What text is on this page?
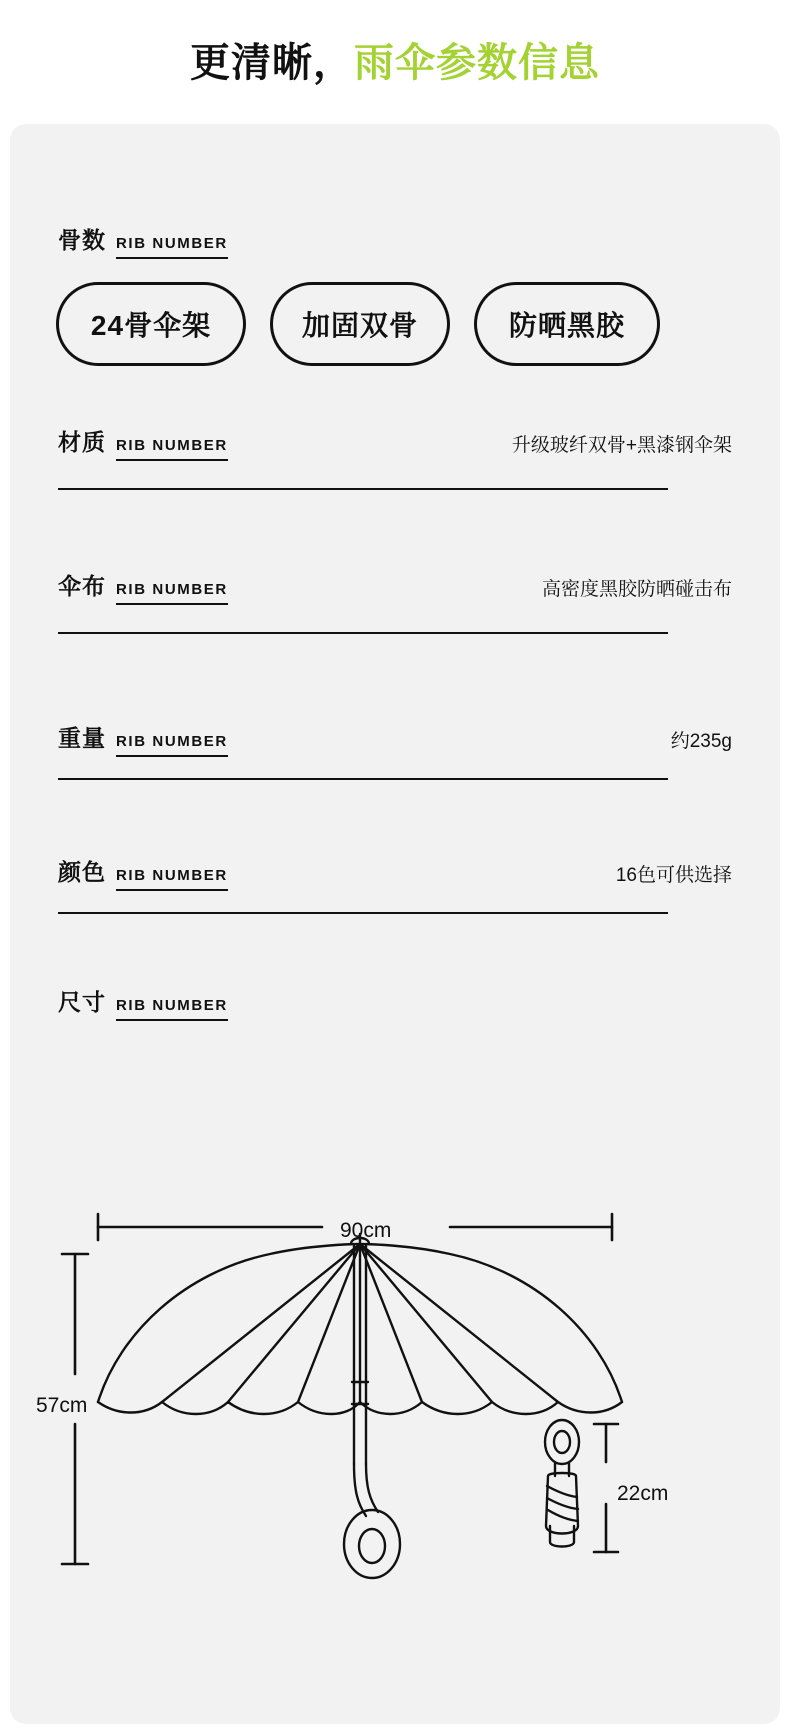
更清晰，雨伞参数信息
骨数 RIB NUMBER
24骨伞架	加固双骨	防晒黑胶
材质 RIB NUMBER	升级玻纤双骨+黑漆钢伞架
伞布 RIB NUMBER	高密度黑胶防晒碰击布
重量 RIB NUMBER	约235g
颜色 RIB NUMBER	16色可供选择
尺寸 RIB NUMBER
90cm
57cm
22cm
